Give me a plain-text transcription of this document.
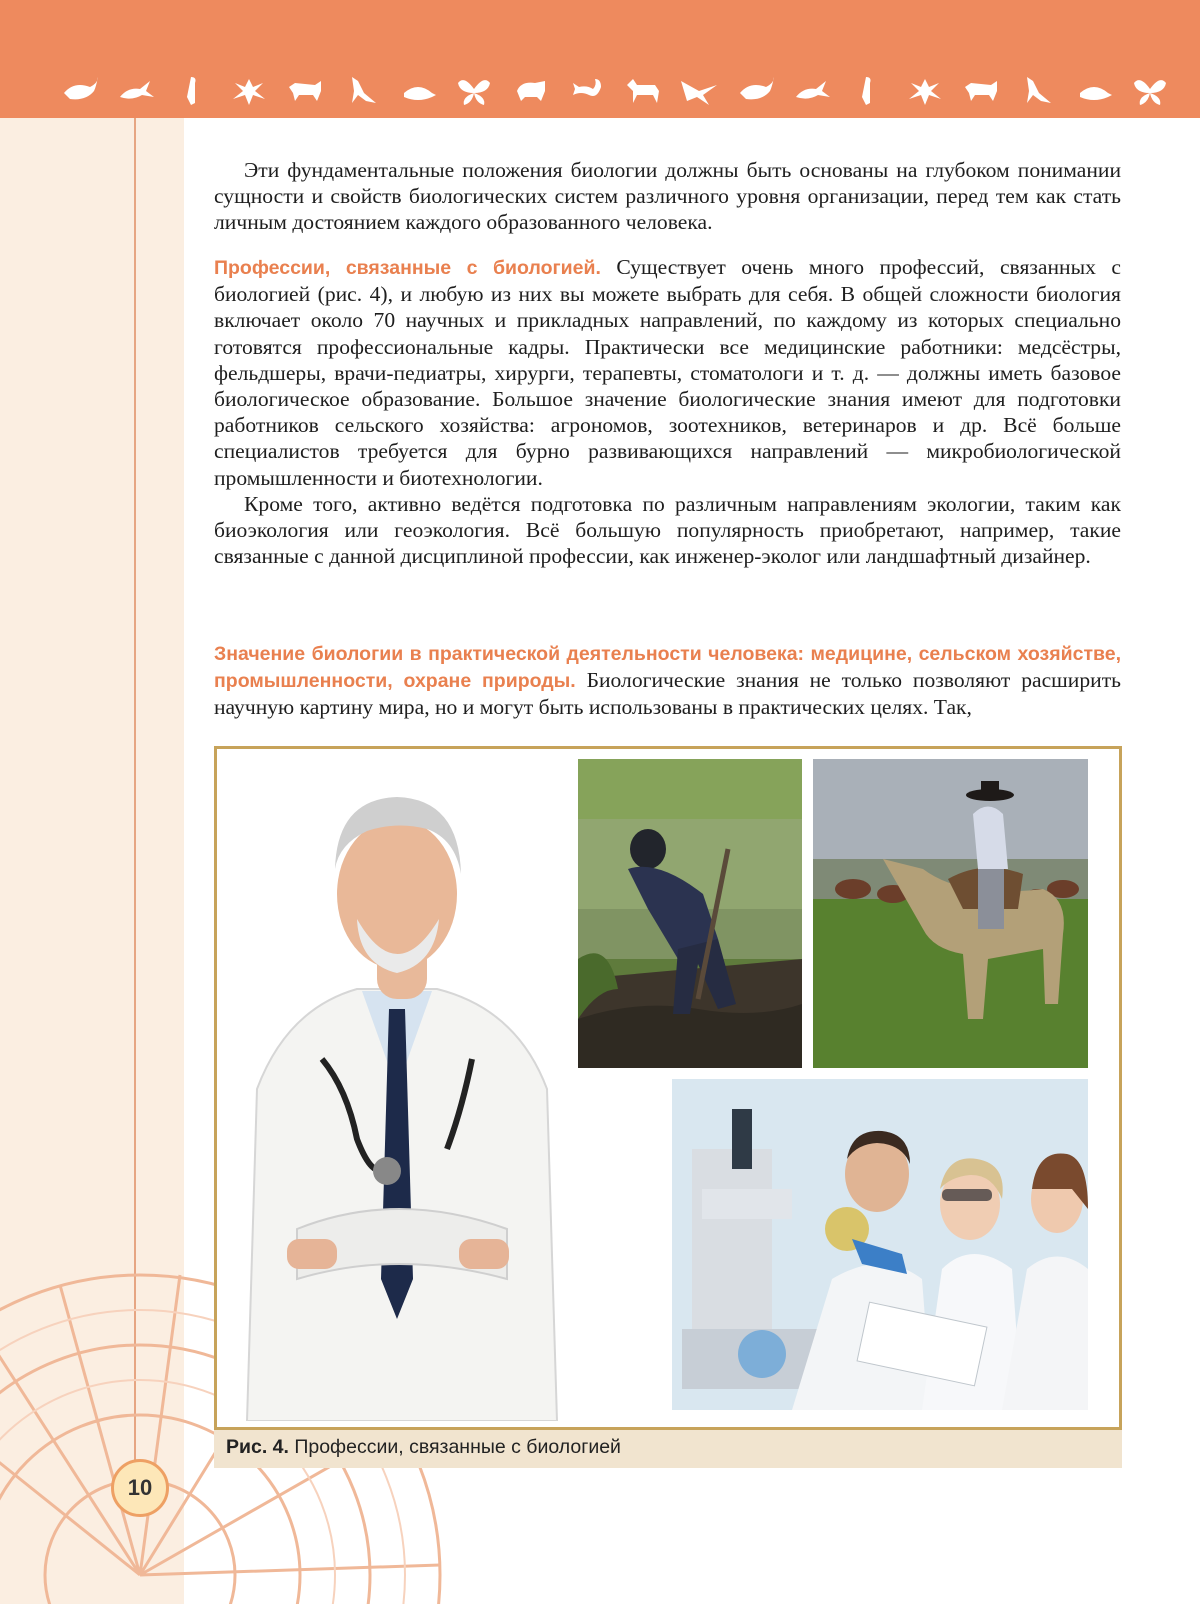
10

Эти фундаментальные положения биологии должны быть основаны на глубоком понимании сущности и свойств биологических систем различного уровня организации, перед тем как стать личным достоянием каждого образованного человека.

Профессии, связанные с биологией. Существует очень много профессий, связанных с биологией (рис. 4), и любую из них вы можете выбрать для себя. В общей сложности биология включает около 70 научных и прикладных направлений, по каждому из которых специально готовятся профессиональные кадры. Практически все медицинские работники: медсёстры, фельдшеры, врачи-педиатры, хирурги, терапевты, стоматологи и т. д. — должны иметь базовое биологическое образование. Большое значение биологические знания имеют для подготовки работников сельского хозяйства: агрономов, зоотехников, ветеринаров и др. Всё больше специалистов требуется для бурно развивающихся направлений — микробиологической промышленности и биотехнологии.

Кроме того, активно ведётся подготовка по различным направлениям экологии, таким как биоэкология или геоэкология. Всё большую популярность приобретают, например, такие связанные с данной дисциплиной профессии, как инженер-эколог или ландшафтный дизайнер.

Значение биологии в практической деятельности человека: медицине, сельском хозяйстве, промышленности, охране природы. Биологические знания не только позволяют расширить научную картину мира, но и могут быть использованы в практических целях. Так,

Рис. 4. Профессии, связанные с биологией
